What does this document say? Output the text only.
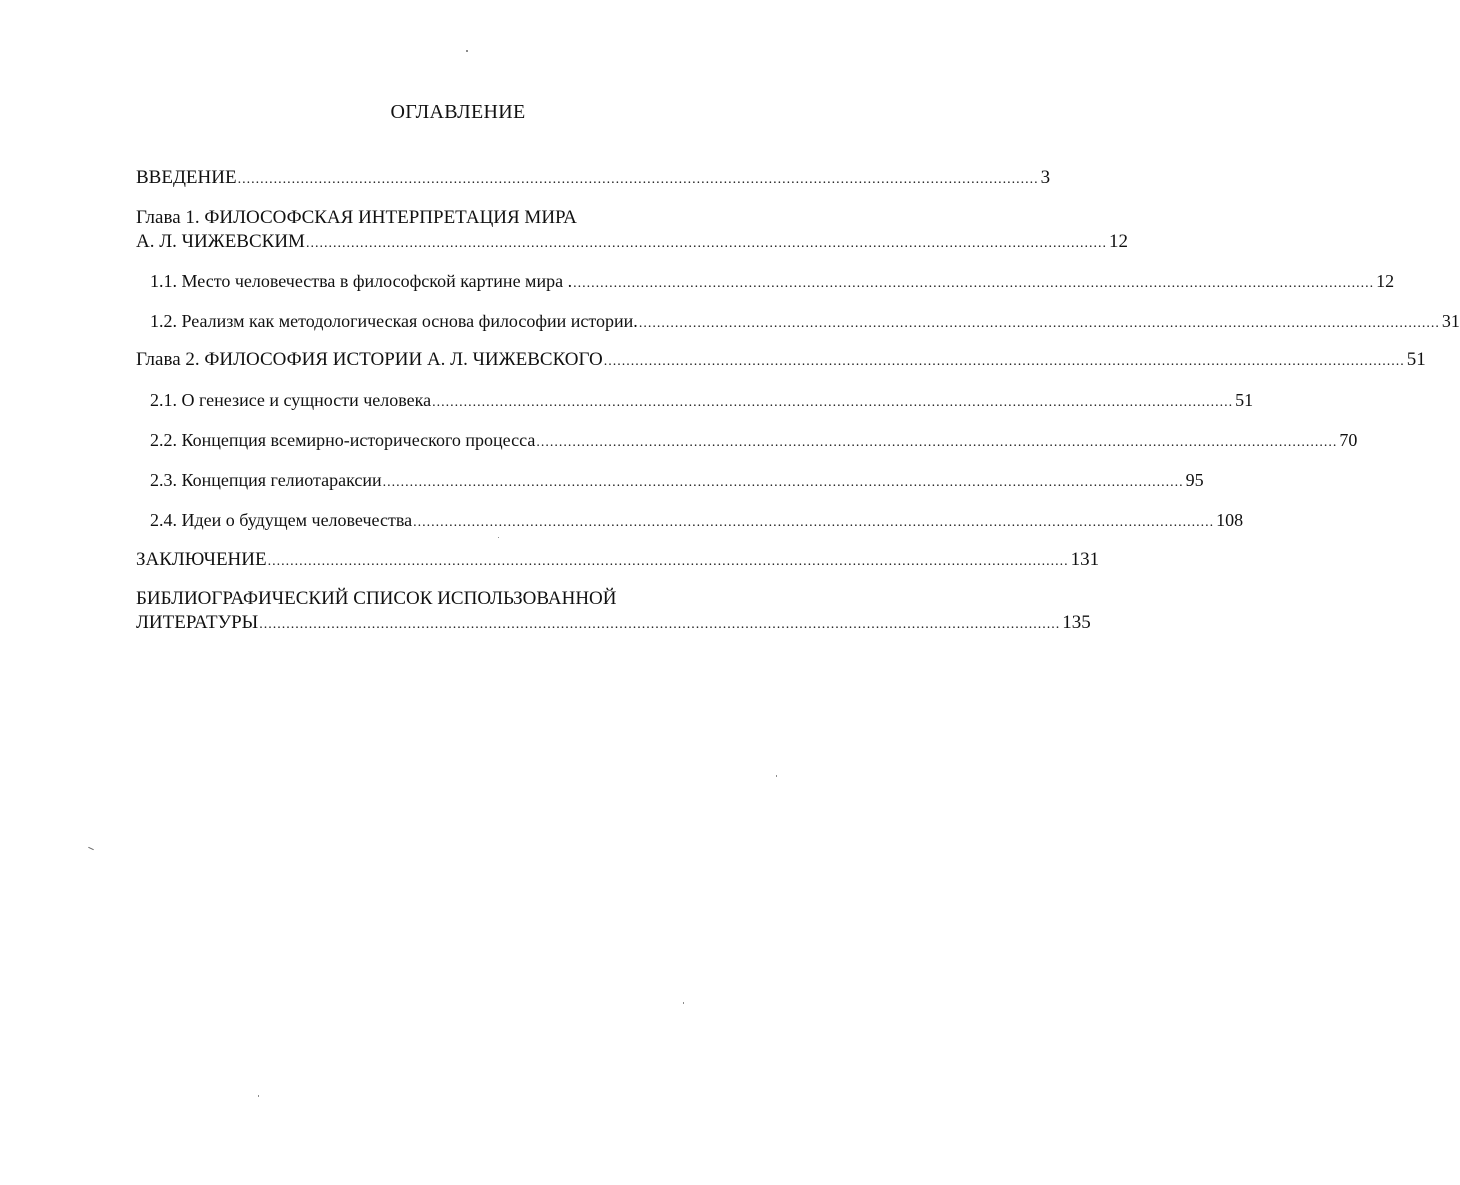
ОГЛАВЛЕНИЕ
ВВЕДЕНИЕ .................................................................................................................................................................................. 3
Глава 1. ФИЛОСОФСКАЯ ИНТЕРПРЕТАЦИЯ МИРА
А. Л. ЧИЖЕВСКИМ .................................................................................................................................................................................. 12
1.1. Место человечества в философской картине мира . .................................................................................................................................................................................. 12
1.2. Реализм как методологическая основа философии истории. .................................................................................................................................................................................. 31
Глава 2. ФИЛОСОФИЯ ИСТОРИИ А. Л. ЧИЖЕВСКОГО .................................................................................................................................................................................. 51
2.1. О генезисе и сущности человека .................................................................................................................................................................................. 51
2.2. Концепция всемирно-исторического процесса .................................................................................................................................................................................. 70
2.3. Концепция гелиотараксии .................................................................................................................................................................................. 95
2.4. Идеи о будущем человечества .................................................................................................................................................................................. 108
ЗАКЛЮЧЕНИЕ .................................................................................................................................................................................. 131
БИБЛИОГРАФИЧЕСКИЙ СПИСОК ИСПОЛЬЗОВАННОЙ
ЛИТЕРАТУРЫ .................................................................................................................................................................................. 135
